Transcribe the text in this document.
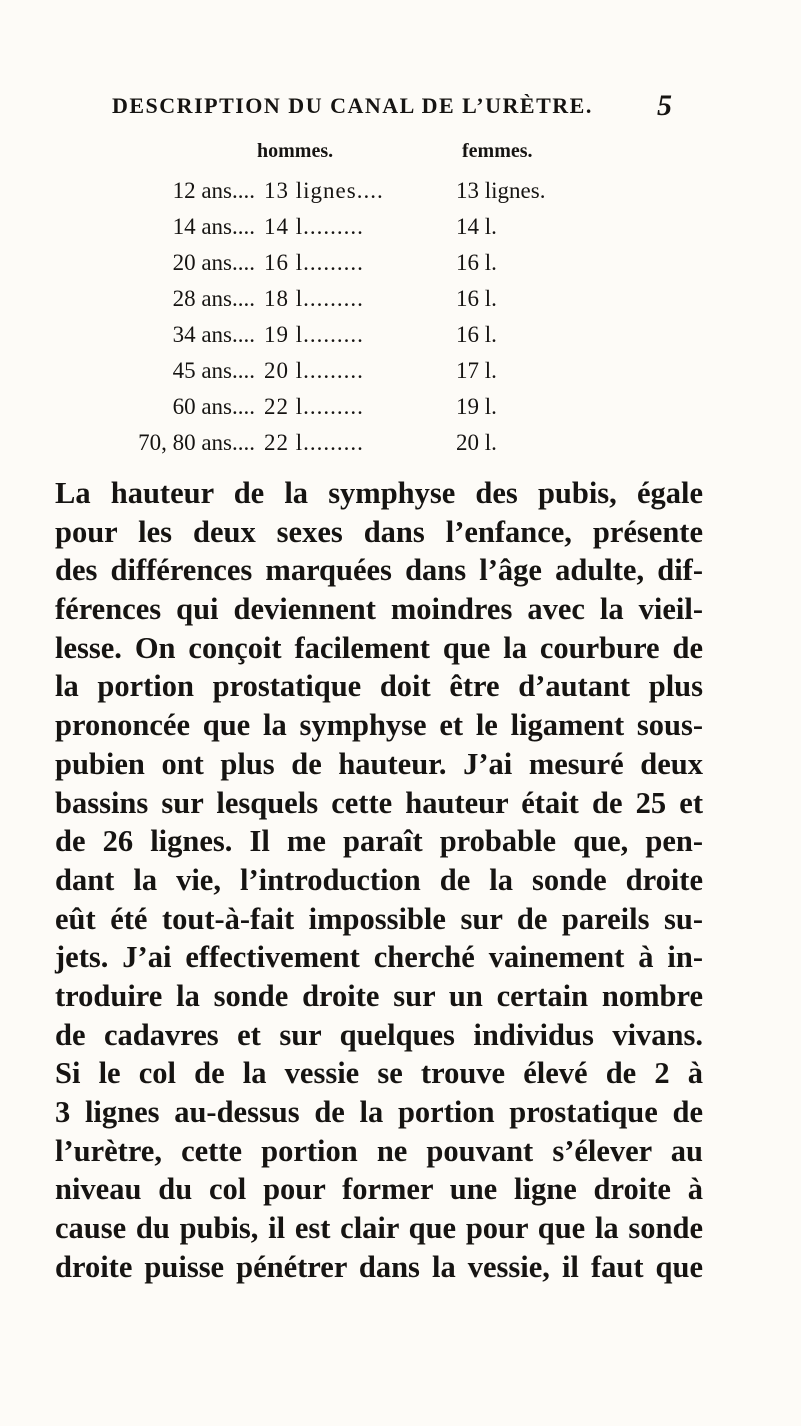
DESCRIPTION DU CANAL DE L’URÈTRE. 5
hommes.	femmes.
12 ans.... 13 lignes....	13 lignes.
14 ans.... 14 l.........	14 l.
20 ans.... 16 l.........	16 l.
28 ans.... 18 l.........	16 l.
34 ans.... 19 l.........	16 l.
45 ans.... 20 l.........	17 l.
60 ans.... 22 l.........	19 l.
70, 80 ans.... 22 l.........	20 l.
La hauteur de la symphyse des pubis, égale
pour les deux sexes dans l’enfance, présente
des différences marquées dans l’âge adulte, dif-
férences qui deviennent moindres avec la vieil-
lesse. On conçoit facilement que la courbure de
la portion prostatique doit être d’autant plus
prononcée que la symphyse et le ligament sous-
pubien ont plus de hauteur. J’ai mesuré deux
bassins sur lesquels cette hauteur était de 25 et
de 26 lignes. Il me paraît probable que, pen-
dant la vie, l’introduction de la sonde droite
eût été tout-à-fait impossible sur de pareils su-
jets. J’ai effectivement cherché vainement à in-
troduire la sonde droite sur un certain nombre
de cadavres et sur quelques individus vivans.
Si le col de la vessie se trouve élevé de 2 à
3 lignes au-dessus de la portion prostatique de
l’urètre, cette portion ne pouvant s’élever au
niveau du col pour former une ligne droite à
cause du pubis, il est clair que pour que la sonde
droite puisse pénétrer dans la vessie, il faut que
